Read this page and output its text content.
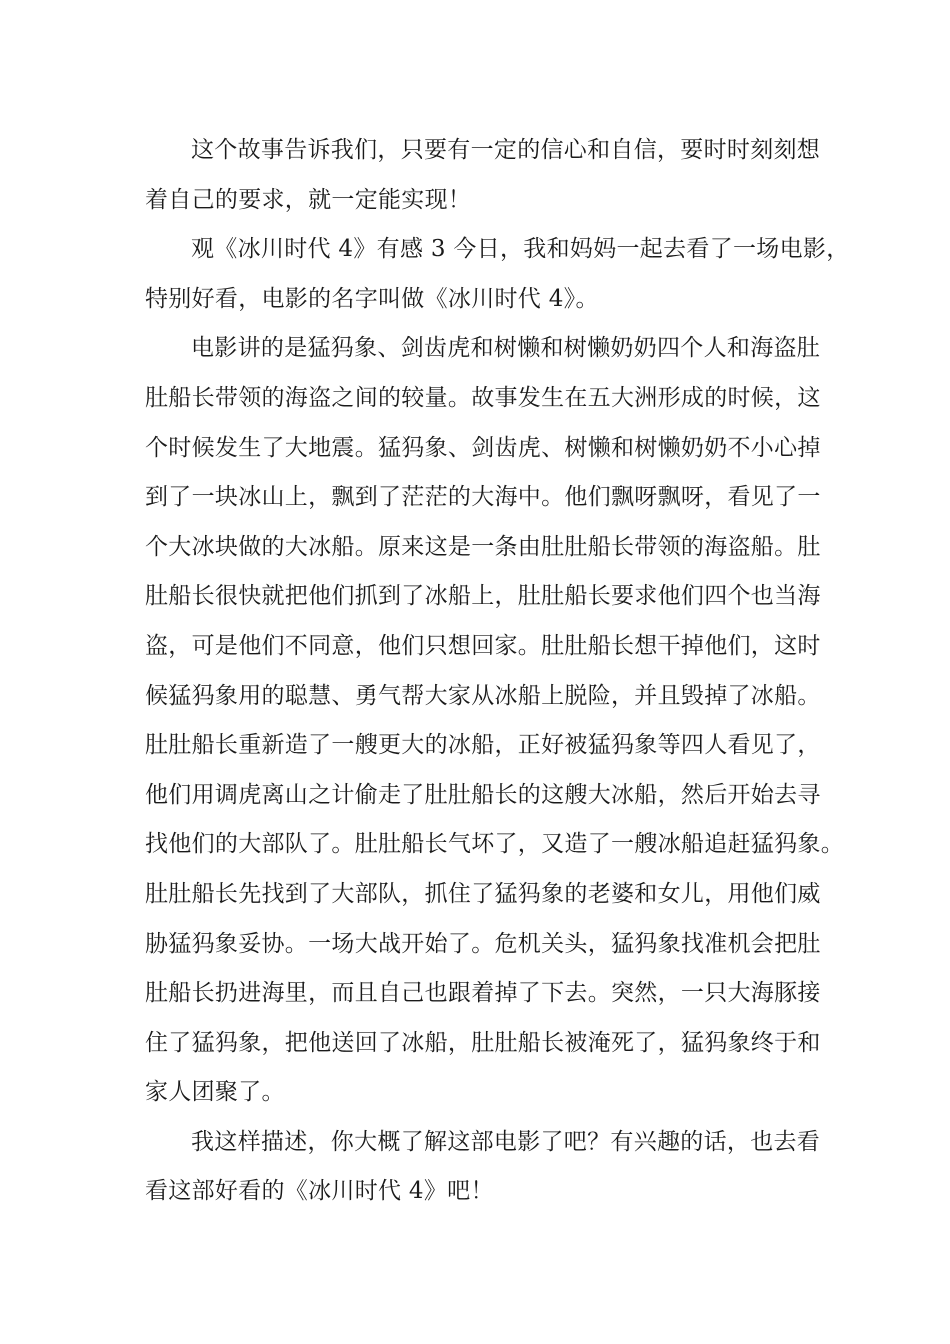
这个故事告诉我们，只要有一定的信心和自信，要时时刻刻想
着自己的要求，就一定能实现！
观《冰川时代 4》有感 3 今日，我和妈妈一起去看了一场电影，
特别好看，电影的名字叫做《冰川时代 4》。
电影讲的是猛犸象、剑齿虎和树懒和树懒奶奶四个人和海盗肚
肚船长带领的海盗之间的较量。故事发生在五大洲形成的时候，这
个时候发生了大地震。猛犸象、剑齿虎、树懒和树懒奶奶不小心掉
到了一块冰山上，飘到了茫茫的大海中。他们飘呀飘呀，看见了一
个大冰块做的大冰船。原来这是一条由肚肚船长带领的海盗船。肚
肚船长很快就把他们抓到了冰船上，肚肚船长要求他们四个也当海
盗，可是他们不同意，他们只想回家。肚肚船长想干掉他们，这时
候猛犸象用的聪慧、勇气帮大家从冰船上脱险，并且毁掉了冰船。
肚肚船长重新造了一艘更大的冰船，正好被猛犸象等四人看见了，
他们用调虎离山之计偷走了肚肚船长的这艘大冰船，然后开始去寻
找他们的大部队了。肚肚船长气坏了，又造了一艘冰船追赶猛犸象。
肚肚船长先找到了大部队，抓住了猛犸象的老婆和女儿，用他们威
胁猛犸象妥协。一场大战开始了。危机关头，猛犸象找准机会把肚
肚船长扔进海里，而且自己也跟着掉了下去。突然，一只大海豚接
住了猛犸象，把他送回了冰船，肚肚船长被淹死了，猛犸象终于和
家人团聚了。
我这样描述，你大概了解这部电影了吧？有兴趣的话，也去看
看这部好看的《冰川时代 4》吧！
